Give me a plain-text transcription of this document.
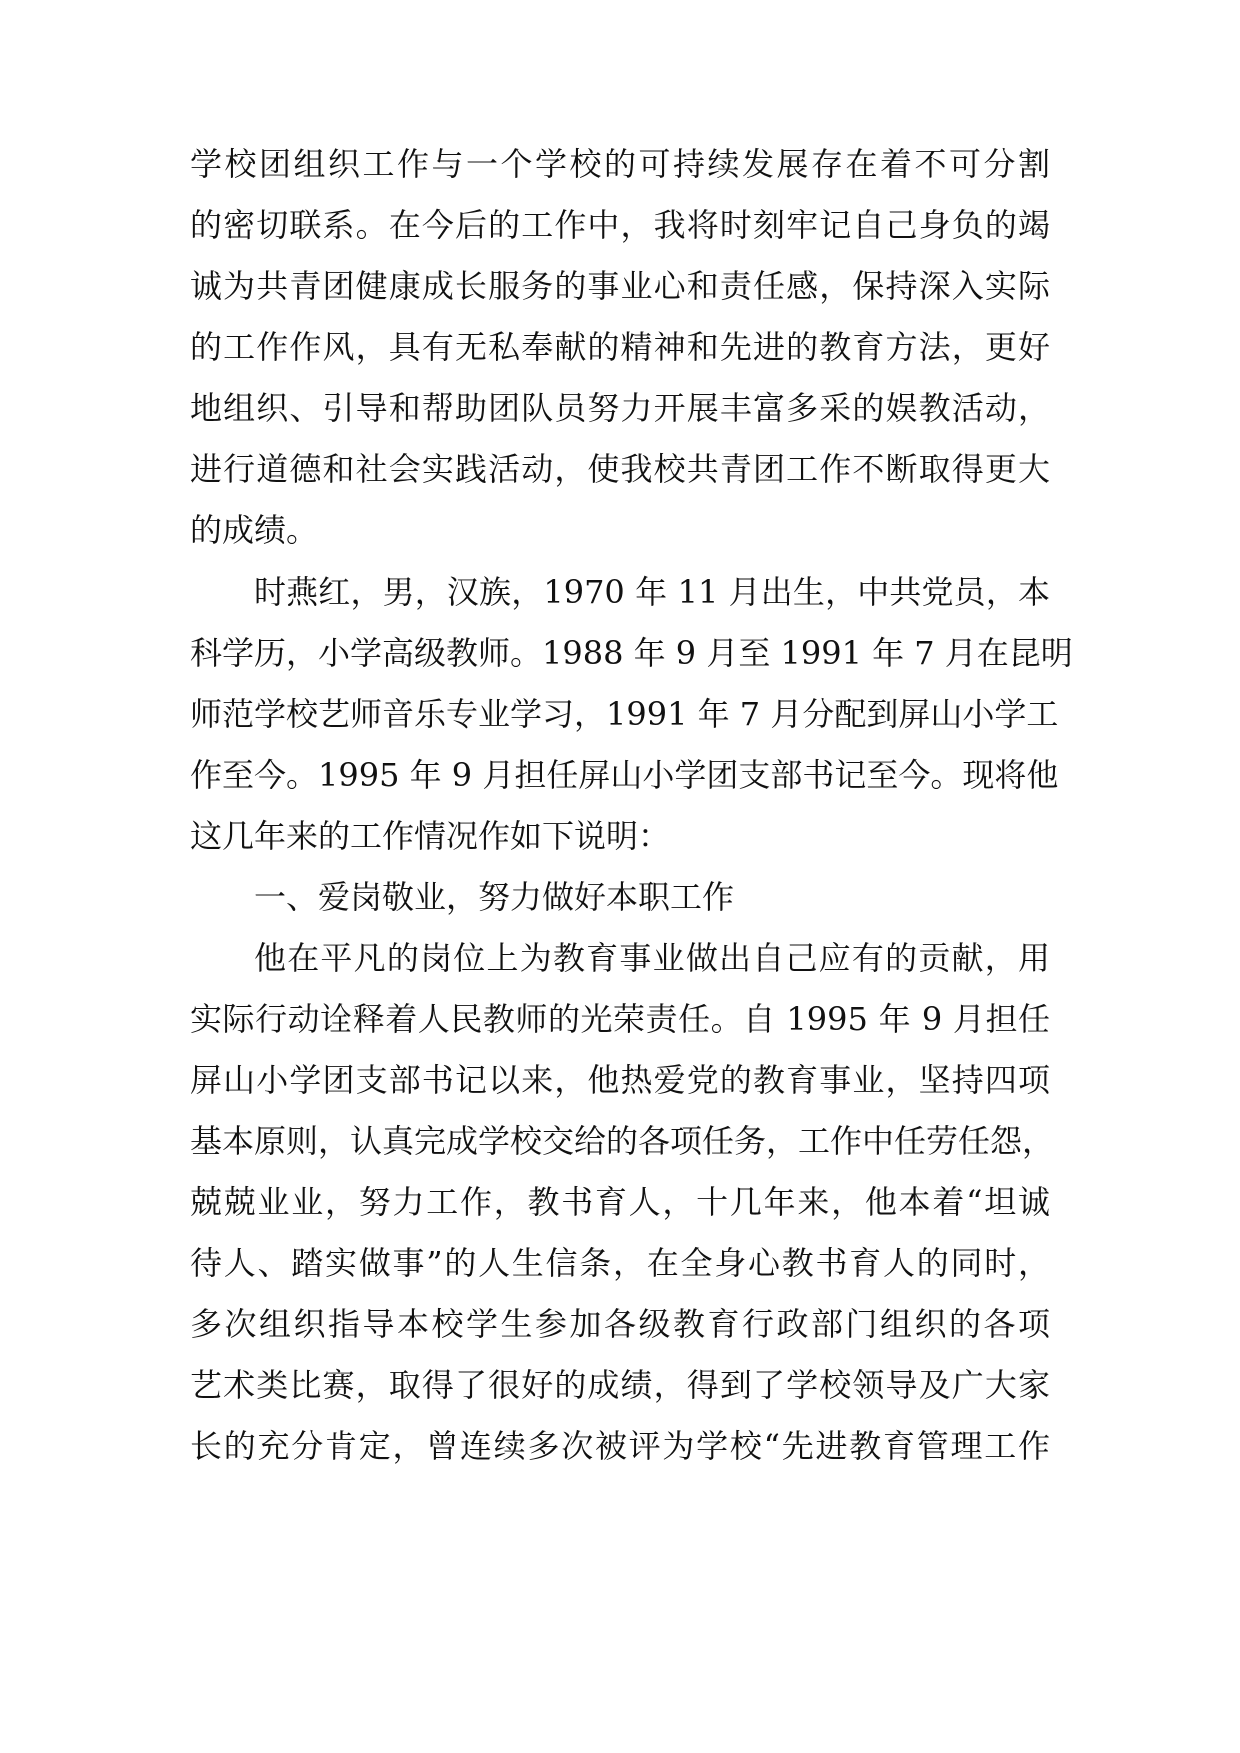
学校团组织工作与一个学校的可持续发展存在着不可分割
的密切联系。在今后的工作中，我将时刻牢记自己身负的竭
诚为共青团健康成长服务的事业心和责任感，保持深入实际
的工作作风，具有无私奉献的精神和先进的教育方法，更好
地组织、引导和帮助团队员努力开展丰富多采的娱教活动，
进行道德和社会实践活动，使我校共青团工作不断取得更大
的成绩。
时燕红，男，汉族，1970 年 11 月出生，中共党员，本
科学历，小学高级教师。1988 年 9 月至 1991 年 7 月在昆明
师范学校艺师音乐专业学习，1991 年 7 月分配到屏山小学工
作至今。1995 年 9 月担任屏山小学团支部书记至今。现将他
这几年来的工作情况作如下说明：
一、爱岗敬业，努力做好本职工作
他在平凡的岗位上为教育事业做出自己应有的贡献，用
实际行动诠释着人民教师的光荣责任。自 1995 年 9 月担任
屏山小学团支部书记以来，他热爱党的教育事业，坚持四项
基本原则，认真完成学校交给的各项任务，工作中任劳任怨，
兢兢业业，努力工作，教书育人，十几年来，他本着“坦诚
待人、踏实做事”的人生信条，在全身心教书育人的同时，
多次组织指导本校学生参加各级教育行政部门组织的各项
艺术类比赛，取得了很好的成绩，得到了学校领导及广大家
长的充分肯定，曾连续多次被评为学校“先进教育管理工作
